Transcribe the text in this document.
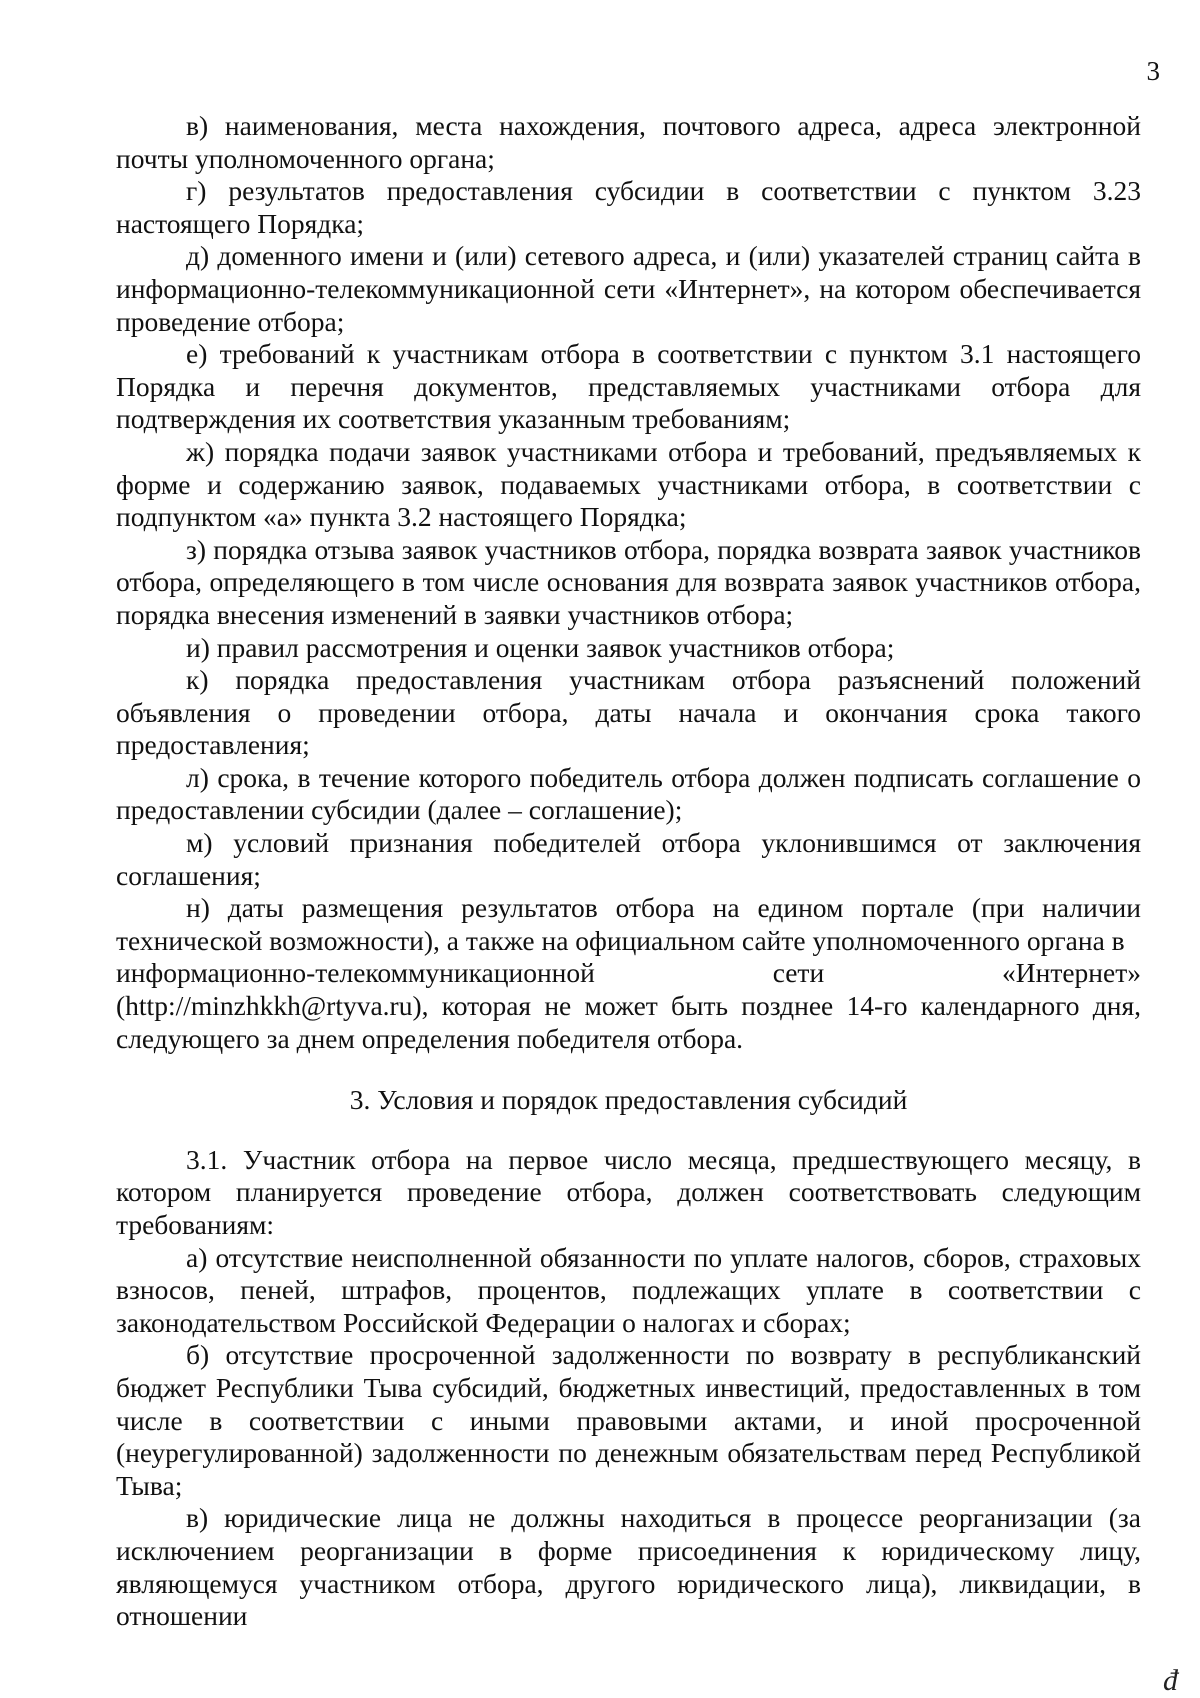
3

в) наименования, места нахождения, почтового адреса, адреса электронной почты уполномоченного органа;

г) результатов предоставления субсидии в соответствии с пунктом 3.23 настоящего Порядка;

д) доменного имени и (или) сетевого адреса, и (или) указателей страниц сайта в информационно-телекоммуникационной сети «Интернет», на котором обеспечивается проведение отбора;

е) требований к участникам отбора в соответствии с пунктом 3.1 настоящего Порядка и перечня документов, представляемых участниками отбора для подтверждения их соответствия указанным требованиям;

ж) порядка подачи заявок участниками отбора и требований, предъявляемых к форме и содержанию заявок, подаваемых участниками отбора, в соответствии с подпунктом «а» пункта 3.2 настоящего Порядка;

з) порядка отзыва заявок участников отбора, порядка возврата заявок участников отбора, определяющего в том числе основания для возврата заявок участников отбора, порядка внесения изменений в заявки участников отбора;

и) правил рассмотрения и оценки заявок участников отбора;

к) порядка предоставления участникам отбора разъяснений положений объявления о проведении отбора, даты начала и окончания срока такого предоставления;

л) срока, в течение которого победитель отбора должен подписать соглашение о предоставлении субсидии (далее – соглашение);

м) условий признания победителей отбора уклонившимся от заключения соглашения;

н) даты размещения результатов отбора на едином портале (при наличии технической возможности), а также на официальном сайте уполномоченного органа в

информационно-телекоммуникационной	сети	«Интернет»

(http://minzhkkh@rtyva.ru), которая не может быть позднее 14-го календарного дня, следующего за днем определения победителя отбора.

3. Условия и порядок предоставления субсидий

3.1. Участник отбора на первое число месяца, предшествующего месяцу, в котором планируется проведение отбора, должен соответствовать следующим требованиям:

а) отсутствие неисполненной обязанности по уплате налогов, сборов, страховых взносов, пеней, штрафов, процентов, подлежащих уплате в соответствии с законодательством Российской Федерации о налогах и сборах;

б) отсутствие просроченной задолженности по возврату в республиканский бюджет Республики Тыва субсидий, бюджетных инвестиций, предоставленных в том числе в соответствии с иными правовыми актами, и иной просроченной (неурегулированной) задолженности по денежным обязательствам перед Республикой Тыва;

в) юридические лица не должны находиться в процессе реорганизации (за исключением реорганизации в форме присоединения к юридическому лицу, являющемуся участником отбора, другого юридического лица), ликвидации, в отношении

đ
